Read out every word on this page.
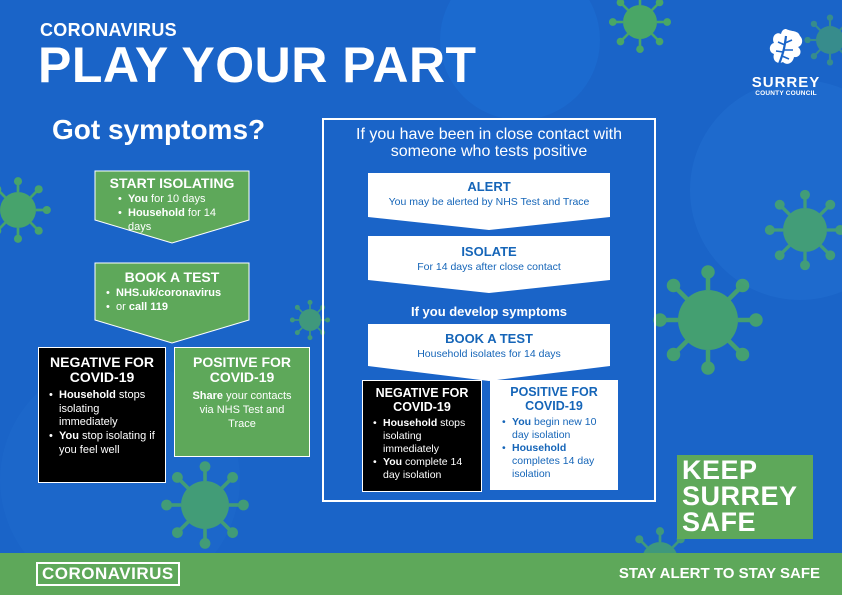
CORONAVIRUS
PLAY YOUR PART	SURREY
COUNTY COUNCIL
Got symptoms?
START ISOLATING
• You for 10 days
• Household for 14 days
BOOK A TEST
• NHS.uk/coronavirus
• or call 119
NEGATIVE FOR COVID-19
• Household stops isolating immediately
• You stop isolating if you feel well
POSITIVE FOR COVID-19
Share your contacts via NHS Test and Trace
If you have been in close contact with someone who tests positive
ALERT
You may be alerted by NHS Test and Trace
ISOLATE
For 14 days after close contact
If you develop symptoms
BOOK A TEST
Household isolates for 14 days
NEGATIVE FOR COVID-19
• Household stops isolating immediately
• You complete 14 day isolation
POSITIVE FOR COVID-19
• You begin new 10 day isolation
• Household completes 14 day isolation	KEEP
SURREY
SAFE
CORONAVIRUS	STAY ALERT TO STAY SAFE
